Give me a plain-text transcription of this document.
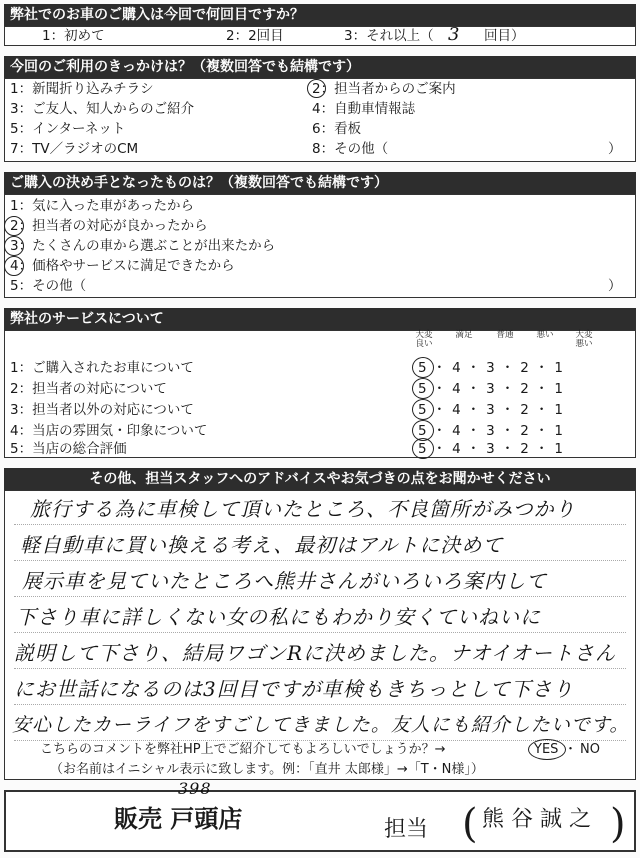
弊社でのお車のご購入は今回で何回目ですか？
1：初めて	2：2回目	3：それ以上（ 3 回目）
今回のご利用のきっかけは？（複数回答でも結構です）
1：新聞折り込みチラシ	2：担当者からのご案内
3：ご友人、知人からのご紹介	4：自動車情報誌
5：インターネット	6：看板
7：TV／ラジオのCM	8：その他（	）
ご購入の決め手となったものは？（複数回答でも結構です）
1：気に入った車があったから
2：担当者の対応が良かったから
3：たくさんの車から選ぶことが出来たから
4：価格やサービスに満足できたから
5：その他（	）
弊社のサービスについて
大変良い
満足	普通	悪い	大変悪い
1：ご購入されたお車について	5・4・3・2・1
2：担当者の対応について	5・4・3・2・1
3：担当者以外の対応について	5・4・3・2・1
4：当店の雰囲気・印象について	5・4・3・2・1
5：当店の総合評価	5・4・3・2・1
その他、担当スタッフへのアドバイスやお気づきの点をお聞かせください
旅行する為に車検して頂いたところ、不良箇所がみつかり
軽自動車に買い換える考え、最初はアルトに決めて
展示車を見ていたところへ熊井さんがいろいろ案内して
下さり車に詳しくない女の私にもわかり安くていねいに
説明して下さり、結局ワゴンRに決めました。ナオイオートさん
にお世話になるのは3回目ですが車検もきちっとして下さり
安心したカーライフをすごしてきました。友人にも紹介したいです。
こちらのコメントを弊社HP上でご紹介してもよろしいでしょうか？→	YES ・ NO
（お名前はイニシャル表示に致します。例：「直井 太郎様」→「T・N様」）
398
販売 戸頭店	担当 ( 熊 谷 誠 之 )
